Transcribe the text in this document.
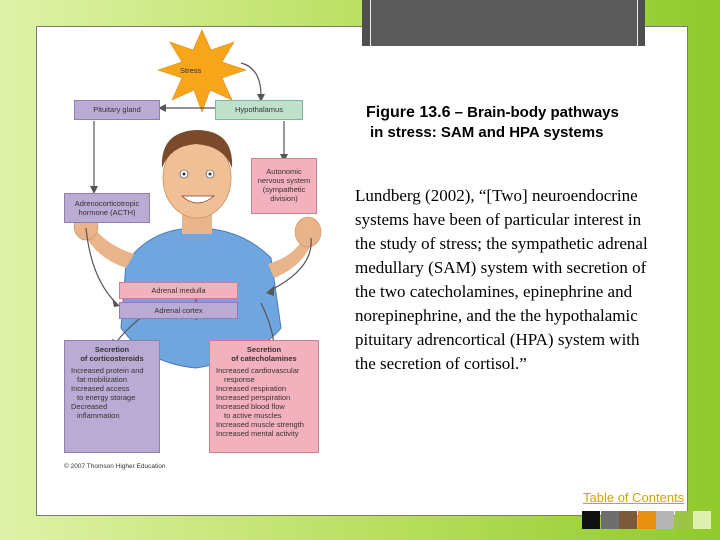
Stress
Pituitary gland	Hypothalamus
Autonomic
nervous system
(sympathetic
division)
Adrenocorticotropic
hormone (ACTH)
Adrenal medulla
Adrenal cortex
Secretion
of corticosteroids
Increased protein and
fat mobilization
Increased access
to energy storage
Decreased
inflammation
Secretion
of catecholamines
Increased cardiovascular
response
Increased respiration
Increased perspiration
Increased blood flow
to active muscles
Increased muscle strength
Increased mental activity
© 2007 Thomson Higher Education
Figure 13.6 – Brain-body pathways
in stress: SAM and HPA systems
Lundberg (2002), “[Two] neuroendocrine systems have been of particular interest in the study of stress; the sympathetic adrenal medullary (SAM) system with secretion of the two catecholamines, epinephrine and norepinephrine, and the the hypothalamic pituitary adrencortical (HPA) system with the secretion of cortisol.”
Table of Contents
